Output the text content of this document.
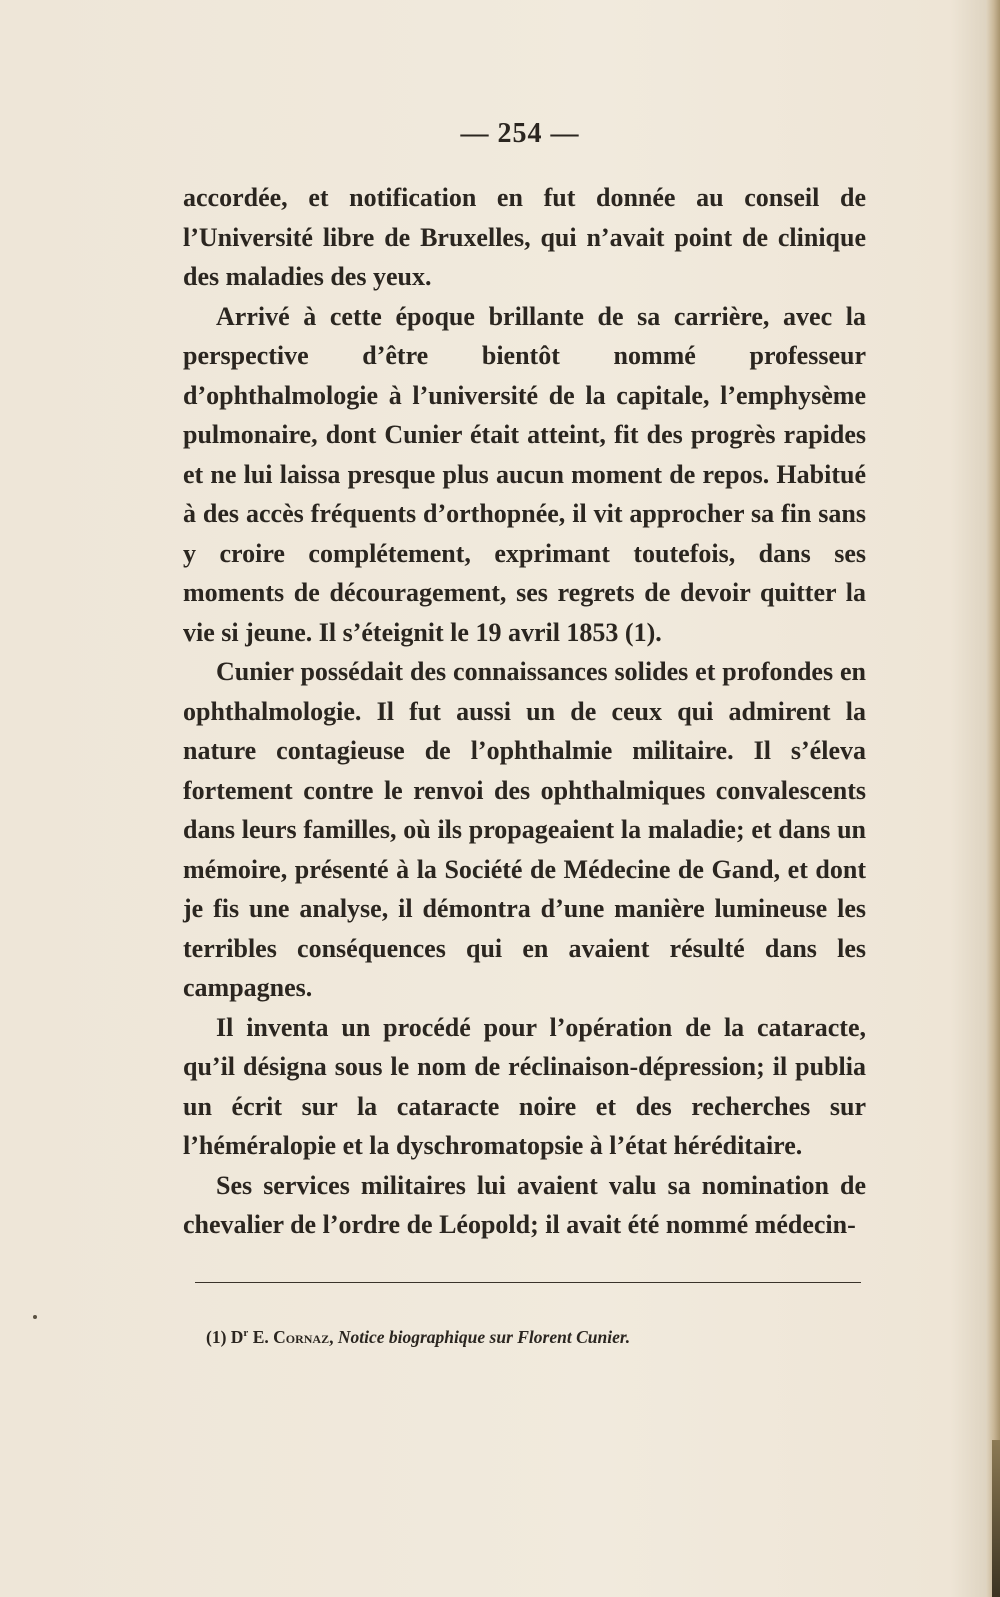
— 254 —

accordée, et notification en fut donnée au conseil de l’Université libre de Bruxelles, qui n’avait point de clinique des maladies des yeux.

Arrivé à cette époque brillante de sa carrière, avec la perspective d’être bientôt nommé professeur d’ophthalmologie à l’université de la capitale, l’emphysème pulmonaire, dont Cunier était atteint, fit des progrès rapides et ne lui laissa presque plus aucun moment de repos. Habitué à des accès fréquents d’orthopnée, il vit approcher sa fin sans y croire complétement, exprimant toutefois, dans ses moments de découragement, ses regrets de devoir quitter la vie si jeune. Il s’éteignit le 19 avril 1853 (1).

Cunier possédait des connaissances solides et profondes en ophthalmologie. Il fut aussi un de ceux qui admirent la nature contagieuse de l’ophthalmie militaire. Il s’éleva fortement contre le renvoi des ophthalmiques convalescents dans leurs familles, où ils propageaient la maladie; et dans un mémoire, présenté à la Société de Médecine de Gand, et dont je fis une analyse, il démontra d’une manière lumineuse les terribles conséquences qui en avaient résulté dans les campagnes.

Il inventa un procédé pour l’opération de la cataracte, qu’il désigna sous le nom de réclinaison-dépression; il publia un écrit sur la cataracte noire et des recherches sur l’héméralopie et la dyschromatopsie à l’état héréditaire.

Ses services militaires lui avaient valu sa nomination de chevalier de l’ordre de Léopold; il avait été nommé médecin-

(1) $D^r$ E. Cornaz, Notice biographique sur Florent Cunier.
